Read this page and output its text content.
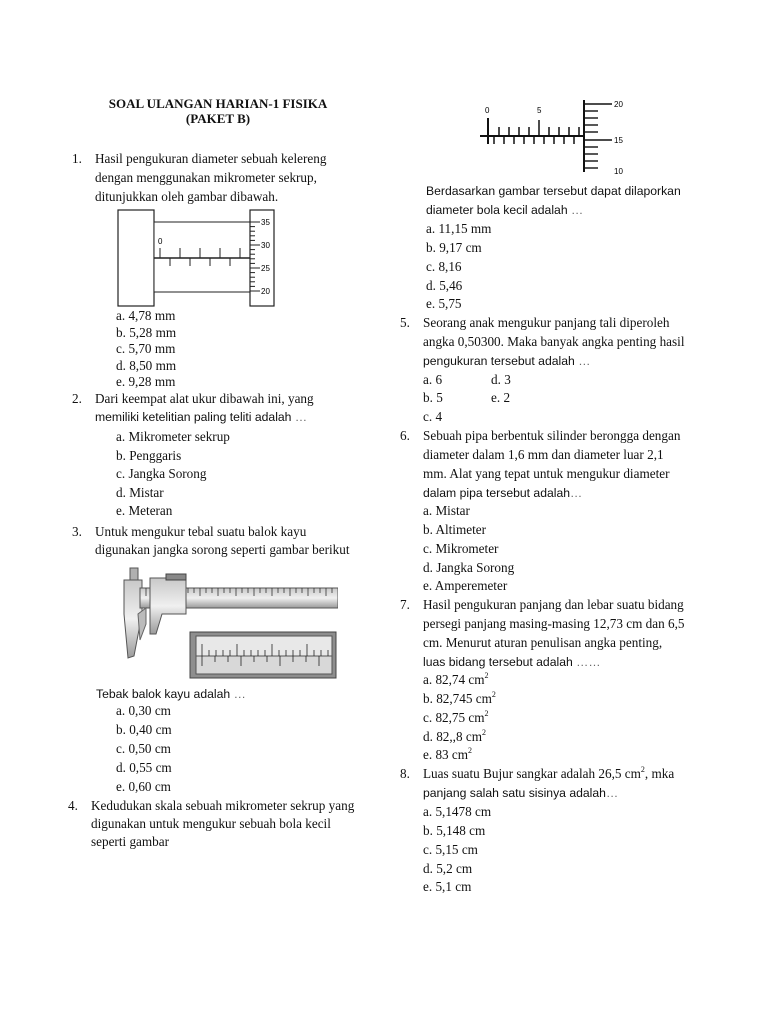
SOAL ULANGAN HARIAN-1 FISIKA
(PAKET B)
1. Hasil pengukuran diameter sebuah kelereng
dengan menggunakan mikrometer sekrup,
ditunjukkan oleh gambar dibawah.
0
35
30
25
20
a. 4,78 mm
b. 5,28 mm
c. 5,70 mm
d. 8,50 mm
e. 9,28 mm
2. Dari keempat alat ukur dibawah ini, yang
memiliki ketelitian paling teliti adalah …
a. Mikrometer sekrup
b. Penggaris
c. Jangka Sorong
d. Mistar
e. Meteran
3. Untuk mengukur tebal suatu balok kayu
digunakan jangka sorong seperti gambar berikut
Tebak balok kayu adalah …
a. 0,30 cm
b. 0,40 cm
c. 0,50 cm
d. 0,55 cm
e. 0,60 cm
4. Kedudukan skala sebuah mikrometer sekrup yang
digunakan untuk mengukur sebuah bola kecil
seperti gambar
0	5
20
15
10
Berdasarkan gambar tersebut dapat dilaporkan
diameter bola kecil adalah …
a. 11,15 mm
b. 9,17 cm
c. 8,16
d. 5,46
e. 5,75
5. Seorang anak mengukur panjang tali diperoleh
angka 0,50300. Maka banyak angka penting hasil
pengukuran tersebut adalah …
a. 6
b. 5
c. 4
d. 3
e. 2
6. Sebuah pipa berbentuk silinder berongga dengan
diameter dalam 1,6 mm dan diameter luar 2,1
mm. Alat yang tepat untuk mengukur diameter
dalam pipa tersebut adalah…
a. Mistar
b. Altimeter
c. Mikrometer
d. Jangka Sorong
e. Amperemeter
7. Hasil pengukuran panjang dan lebar suatu bidang
persegi panjang masing-masing 12,73 cm dan 6,5
cm. Menurut aturan penulisan angka penting,
luas bidang tersebut adalah ……
a. 82,74 $cm^2$
b. 82,745 $cm^2$
c. 82,75 $cm^2$
d. 82,,8 $cm^2$
e. 83 $cm^2$
8. Luas suatu Bujur sangkar adalah 26,5 $cm^2$, mka
panjang salah satu sisinya adalah…
a. 5,1478 cm
b. 5,148 cm
c. 5,15 cm
d. 5,2 cm
e. 5,1 cm
